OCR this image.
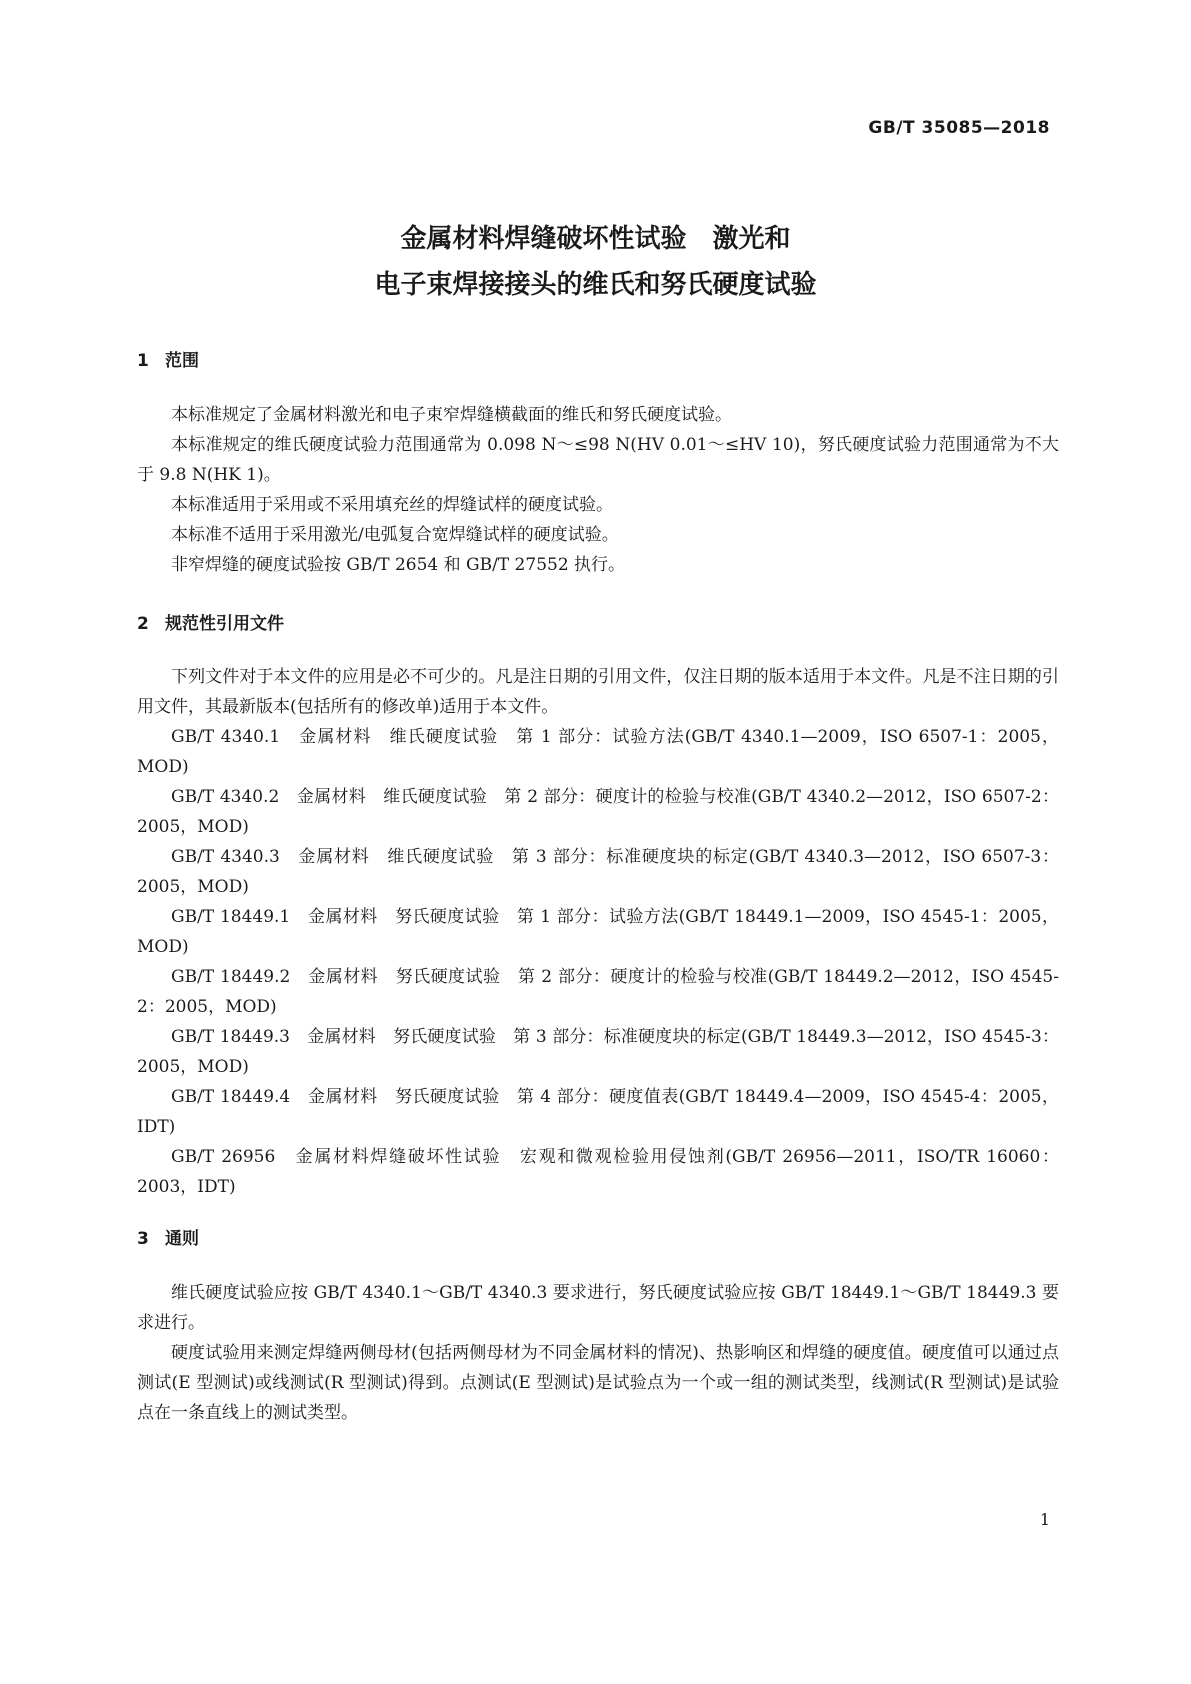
GB/T 35085—2018
金属材料焊缝破坏性试验　激光和
电子束焊接接头的维氏和努氏硬度试验
1 范围

本标准规定了金属材料激光和电子束窄焊缝横截面的维氏和努氏硬度试验。

本标准规定的维氏硬度试验力范围通常为 0.098 N～≤98 N(HV 0.01～≤HV 10)，努氏硬度试验力范围通常为不大于 9.8 N(HK 1)。

本标准适用于采用或不采用填充丝的焊缝试样的硬度试验。

本标准不适用于采用激光/电弧复合宽焊缝试样的硬度试验。

非窄焊缝的硬度试验按 GB/T 2654 和 GB/T 27552 执行。

2 规范性引用文件

下列文件对于本文件的应用是必不可少的。凡是注日期的引用文件，仅注日期的版本适用于本文件。凡是不注日期的引用文件，其最新版本(包括所有的修改单)适用于本文件。

GB/T 4340.1　金属材料　维氏硬度试验　第 1 部分：试验方法(GB/T 4340.1—2009，ISO 6507-1：2005，MOD)

GB/T 4340.2　金属材料　维氏硬度试验　第 2 部分：硬度计的检验与校准(GB/T 4340.2—2012，ISO 6507-2：2005，MOD)

GB/T 4340.3　金属材料　维氏硬度试验　第 3 部分：标准硬度块的标定(GB/T 4340.3—2012，ISO 6507-3：2005，MOD)

GB/T 18449.1　金属材料　努氏硬度试验　第 1 部分：试验方法(GB/T 18449.1—2009，ISO 4545-1：2005，MOD)

GB/T 18449.2　金属材料　努氏硬度试验　第 2 部分：硬度计的检验与校准(GB/T 18449.2—2012，ISO 4545-2：2005，MOD)

GB/T 18449.3　金属材料　努氏硬度试验　第 3 部分：标准硬度块的标定(GB/T 18449.3—2012，ISO 4545-3：2005，MOD)

GB/T 18449.4　金属材料　努氏硬度试验　第 4 部分：硬度值表(GB/T 18449.4—2009，ISO 4545-4：2005，IDT)

GB/T 26956　金属材料焊缝破坏性试验　宏观和微观检验用侵蚀剂(GB/T 26956—2011，ISO/TR 16060：2003，IDT)

3 通则

维氏硬度试验应按 GB/T 4340.1～GB/T 4340.3 要求进行，努氏硬度试验应按 GB/T 18449.1～GB/T 18449.3 要求进行。

硬度试验用来测定焊缝两侧母材(包括两侧母材为不同金属材料的情况)、热影响区和焊缝的硬度值。硬度值可以通过点测试(E 型测试)或线测试(R 型测试)得到。点测试(E 型测试)是试验点为一个或一组的测试类型，线测试(R 型测试)是试验点在一条直线上的测试类型。

1
